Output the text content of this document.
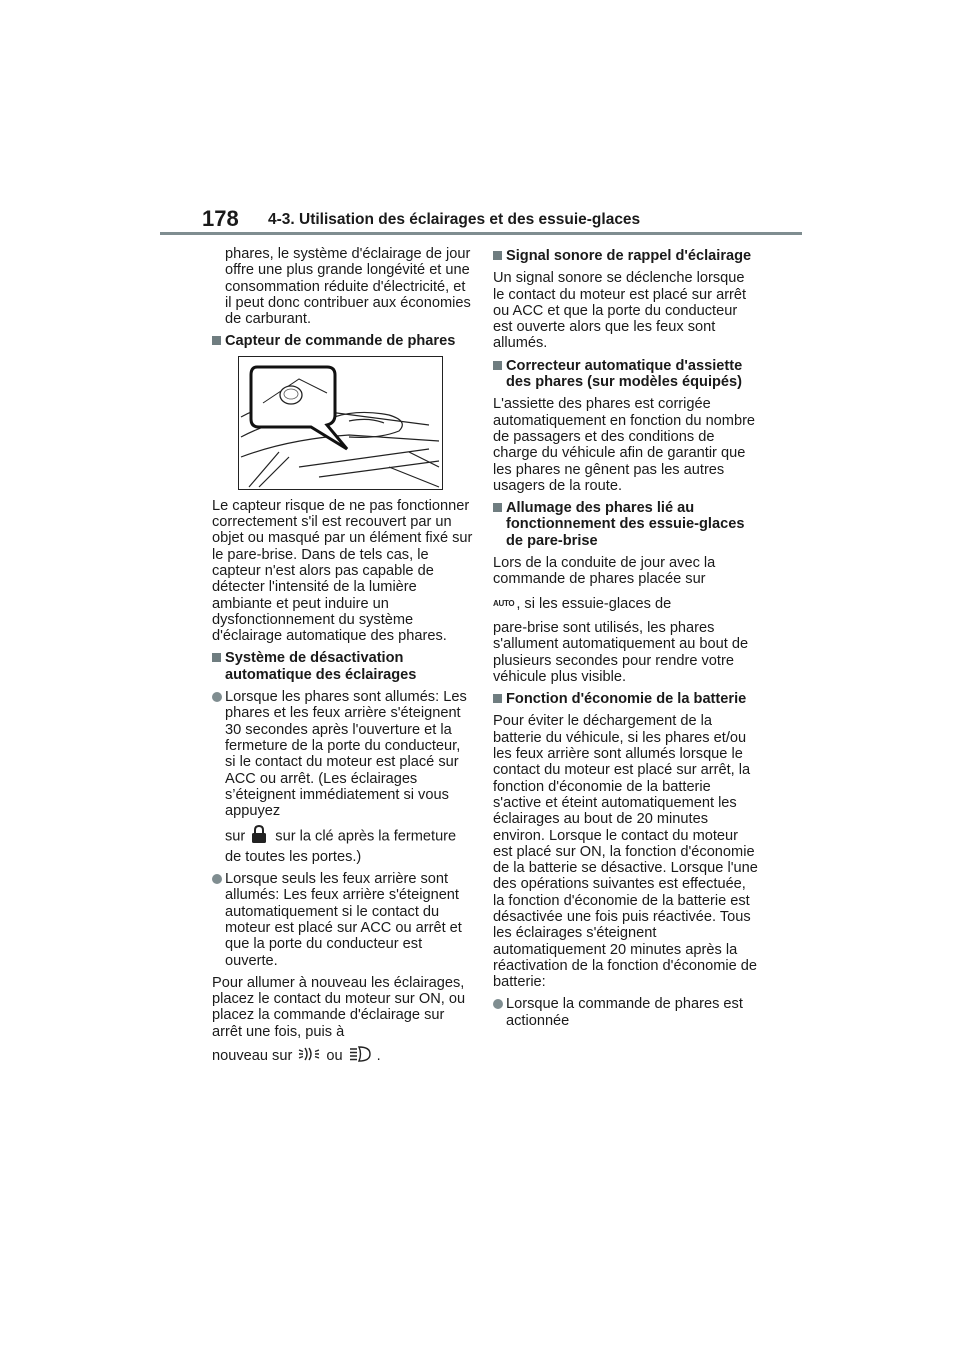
178 4-3. Utilisation des éclairages et des essuie-glaces

phares, le système d'éclairage de jour offre une plus grande longévité et une consommation réduite d'électricité, et il peut donc contribuer aux économies de carburant.

Capteur de commande de phares

Le capteur risque de ne pas fonctionner correctement s'il est recouvert par un objet ou masqué par un élément fixé sur le pare-brise. Dans de tels cas, le capteur n'est alors pas capable de détecter l'intensité de la lumière ambiante et peut induire un dysfonctionnement du système d'éclairage automatique des phares.

Système de désactivation automatique des éclairages
Lorsque les phares sont allumés: Les phares et les feux arrière s'éteignent 30 secondes après l'ouverture et la fermeture de la porte du conducteur, si le contact du moteur est placé sur ACC ou arrêt. (Les éclairages s’éteignent immédiatement si vous appuyez
sur sur la clé après la fermeture de toutes les portes.)
Lorsque seuls les feux arrière sont allumés: Les feux arrière s'éteignent automatiquement si le contact du moteur est placé sur ACC ou arrêt et que la porte du conducteur est ouverte.

Pour allumer à nouveau les éclairages, placez le contact du moteur sur ON, ou placez la commande d'éclairage sur arrêt une fois, puis à

nouveau sur ou .

Signal sonore de rappel d'éclairage

Un signal sonore se déclenche lorsque le contact du moteur est placé sur arrêt ou ACC et que la porte du conducteur est ouverte alors que les feux sont allumés.

Correcteur automatique d'assiette des phares (sur modèles équipés)

L'assiette des phares est corrigée automatiquement en fonction du nombre de passagers et des conditions de charge du véhicule afin de garantir que les phares ne gênent pas les autres usagers de la route.

Allumage des phares lié au fonctionnement des essuie-glaces de pare-brise

Lors de la conduite de jour avec la commande de phares placée sur

AUTO , si les essuie-glaces de

pare-brise sont utilisés, les phares s'allument automatiquement au bout de plusieurs secondes pour rendre votre véhicule plus visible.

Fonction d'économie de la batterie

Pour éviter le déchargement de la batterie du véhicule, si les phares et/ou les feux arrière sont allumés lorsque le contact du moteur est placé sur arrêt, la fonction d'économie de la batterie s'active et éteint automatiquement les éclairages au bout de 20 minutes environ. Lorsque le contact du moteur est placé sur ON, la fonction d'économie de la batterie se désactive. Lorsque l'une des opérations suivantes est effectuée, la fonction d'économie de la batterie est désactivée une fois puis réactivée. Tous les éclairages s'éteignent automatiquement 20 minutes après la réactivation de la fonction d'économie de batterie:

Lorsque la commande de phares est actionnée
